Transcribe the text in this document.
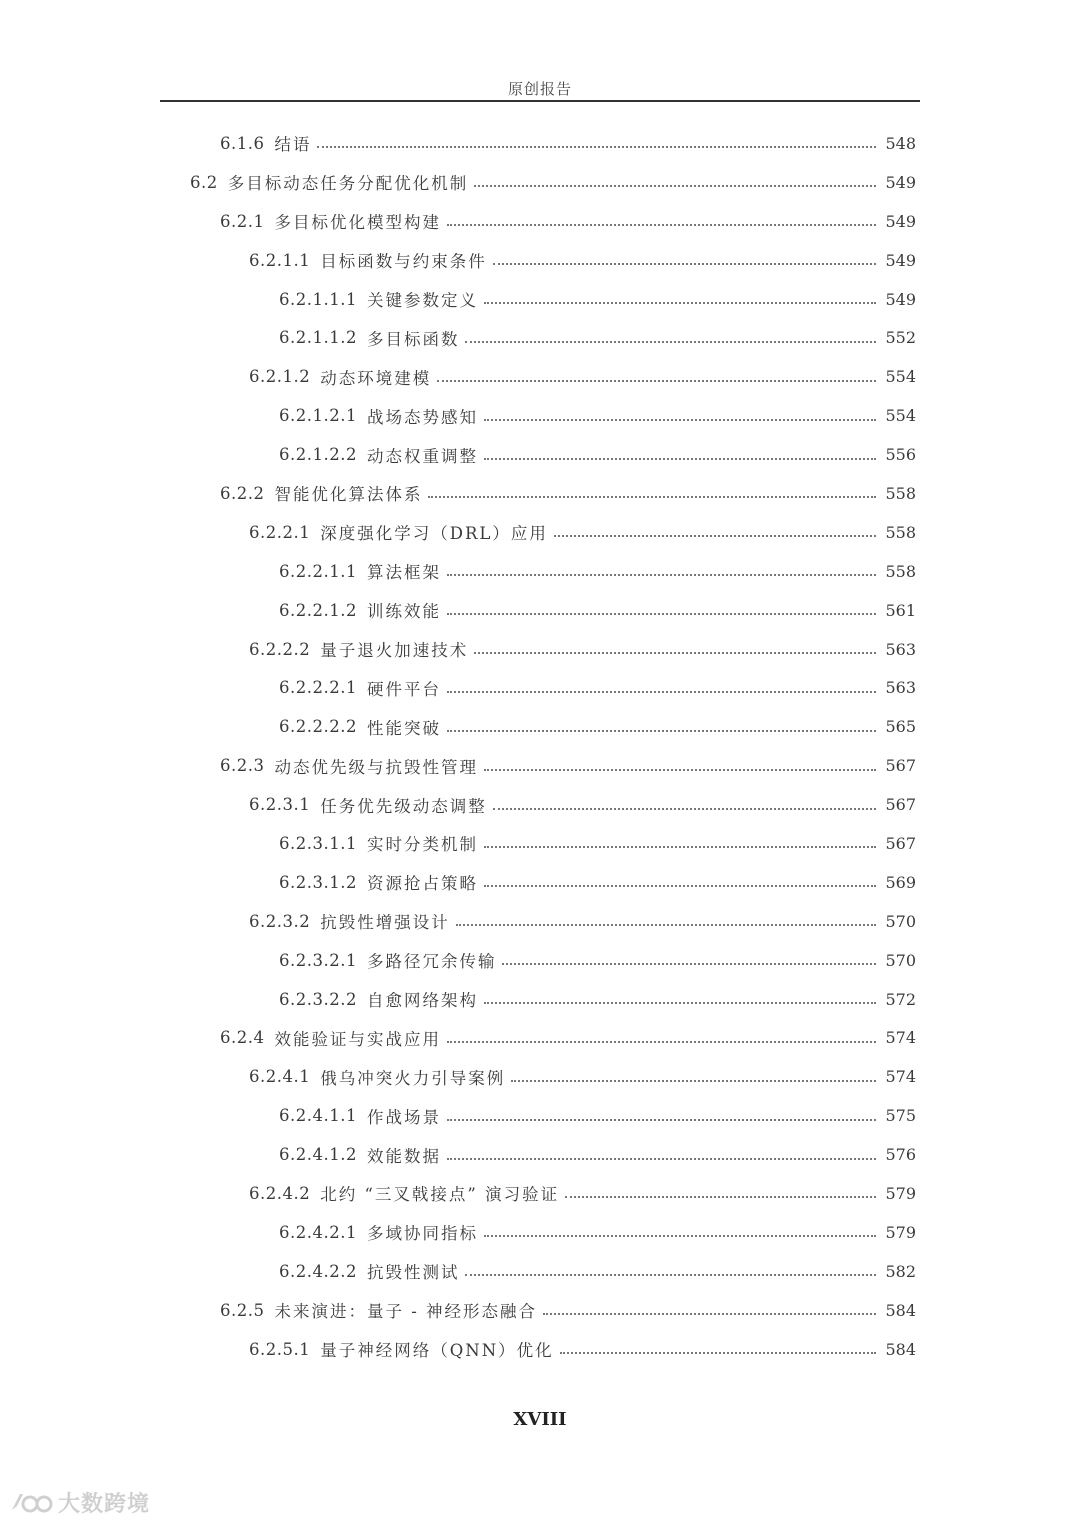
原创报告
6.1.6 结语	548
6.2 多目标动态任务分配优化机制	549
6.2.1 多目标优化模型构建	549
6.2.1.1 目标函数与约束条件	549
6.2.1.1.1 关键参数定义	549
6.2.1.1.2 多目标函数	552
6.2.1.2 动态环境建模	554
6.2.1.2.1 战场态势感知	554
6.2.1.2.2 动态权重调整	556
6.2.2 智能优化算法体系	558
6.2.2.1 深度强化学习（DRL）应用	558
6.2.2.1.1 算法框架	558
6.2.2.1.2 训练效能	561
6.2.2.2 量子退火加速技术	563
6.2.2.2.1 硬件平台	563
6.2.2.2.2 性能突破	565
6.2.3 动态优先级与抗毁性管理	567
6.2.3.1 任务优先级动态调整	567
6.2.3.1.1 实时分类机制	567
6.2.3.1.2 资源抢占策略	569
6.2.3.2 抗毁性增强设计	570
6.2.3.2.1 多路径冗余传输	570
6.2.3.2.2 自愈网络架构	572
6.2.4 效能验证与实战应用	574
6.2.4.1 俄乌冲突火力引导案例	574
6.2.4.1.1 作战场景	575
6.2.4.1.2 效能数据	576
6.2.4.2 北约 “三叉戟接点” 演习验证	579
6.2.4.2.1 多域协同指标	579
6.2.4.2.2 抗毁性测试	582
6.2.5 未来演进：量子 - 神经形态融合	584
6.2.5.1 量子神经网络（QNN）优化	584
XVIII
大数跨境
